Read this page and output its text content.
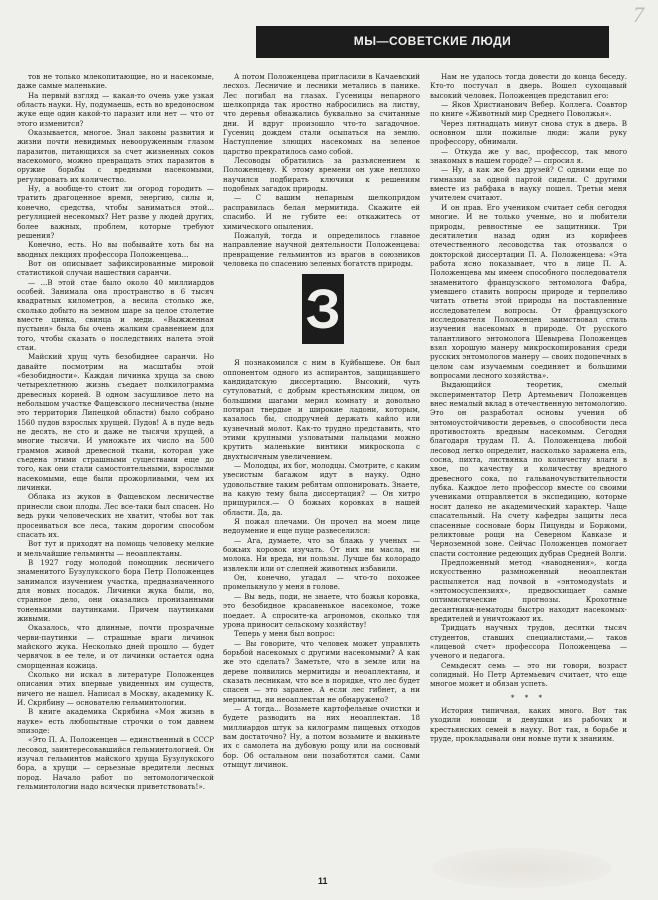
7
МЫ—СОВЕТСКИЕ ЛЮДИ

тов не только млекопитающие, но и насекомые, даже самые маленькие.

На первый взгляд — какая-то очень уже узкая область науки. Ну, подумаешь, есть во вредоносном жуке еще один какой-то паразит или нет — что от этого изменится?

Оказывается, многое. Знал законы развития и жизни почти невидимых невооруженным глазом паразитов, питающихся за счет жизненных соков насекомого, можно превращать этих паразитов в оружие борьбы с вредными насекомыми, регулировать их количество.

Ну, а вообще-то стоит ли огород городить — тратить драгоценное время, энергию, силы и, конечно, средства, чтобы заниматься этой... регуляцией несекомых? Нет разве у людей других, более важных, проблем, которые требуют решения?

Конечно, есть. Но вы побывайте хоть бы на вводных лекциях профессора Положенцева...

Вот он описывает зафиксированные мировой статистикой случаи нашествия саранчи.

— ...В этой стае было около 40 миллиардов особей. Занимала она пространство в 6 тысяч квадратных километров, а весила столько же, сколько добыто на земном шаре за целое столетие вместе цинка, свинца и меди. «Выжженная пустыня» была бы очень жалким сравнением для того, чтобы сказать о последствиях налета этой стаи.

Майский хрущ чуть безобиднее саранчи. Но давайте посмотрим на масштабы этой «безобидности». Каждая личинка хруща за свою четырехлетнюю жизнь съедает полкилограмма древесных корней. В одном засушливое лето на небольшом участке Фащевского лесничества (ныне это территория Липецкой области) было собрано 1560 пудов взрослых хрущей. Пудов! А в пуде ведь не десять, не сто и даже не тысячи хрущей, а многие тысячи. И умножьте их число на 500 граммов живой древесной ткани, которая уже съедена этими страшными существами еще до того, как они стали самостоятельными, взрослыми насекомыми, еще были прожорливыми, чем их личинки.

Облака из жуков в Фащевском лесничестве принесли свои плоды. Лес все-таки был спасен. Но ведь руки человеческих не хватит, чтобы вот так просеиваться все леса, таким дорогим способом спасать их.

Вот тут и приходят на помощь человеку мелкие и мельчайшие гельминты — неоаплектаны.

В 1927 году молодой помощник лесничего знаменитого Бузулукского бора Петр Положенцев занимался изучением участка, предназначенного для новых посадок. Личинки жука были, но, странное дело, они оказались пронизанными тоненькими паутинками. Причем паутинками живыми.

Оказалось, что длинные, почти прозрачные черви-паутинки — страшные враги личинок майского жука. Несколько дней прошло — будет червячок в ее теле, и от личинки остается одна сморщенная кожица.

Сколько ни искал в литературе Положенцев описания этих впервые увиденных им существ, ничего не нашел. Написал в Москву, академику К. И. Скрябину — основателю гельминтологии.

В книге академика Скрябина «Моя жизнь в науке» есть любопытные строчки о том давнем эпизоде:

«Это П. А. Положенцев — единственный в СССР лесовод, заинтересовавшийся гельминтологией. Он изучал гельминтов майского хруща Бузулукского бора, а хрущи — серьезные вредители лесных пород. Начало работ по энтомологической гельминтологии надо всячески приветствовать!».

А потом Положенцева пригласили в Качаевский лесхоз. Лесничие и лесники метались в панике. Лес погибал на глазах. Гусеницы непарного шелкопряда так яростно набросились на листву, что деревья обнажались буквально за считанные дни. И вдруг произошло что-то загадочное. Гусениц дождем стали осыпаться на землю. Наступление злющих насекомых на зеленое царство прекратилось само собой.

Лесоводы обратились за разъяснением к Положенцеву. К этому времени он уже неплохо научился подбирать ключики к решениям подобных загадок природы.

— С вашим непарным шелкопрядом расправилась белая мермитида. Скажите ей спасибо. И не губите ее: откажитесь от химического опыления.

Пожалуй, тогда и определилось главное направление научной деятельности Положенцева: превращение гельминтов из врагов в союзников человека по спасению зеленых богатств природы.

З

Я познакомился с ним в Куйбышеве. Он был оппонентом одного из аспирантов, защищавшего кандидатскую диссертацию. Высокий, чуть сутуловатый, с добрым крестьянским лицом, он большими шагами мерил комнату и довольно потирал твердые и широкие ладони, которым, казалось бы, сподручней держать кайло или кузнечный молот. Как-то трудно представить, что этими крупными узловатыми пальцами можно крутить маленькие винтики микроскопа с двухтысячным увеличением.

— Молодцы, их бог, молодцы. Смотрите, с каким увесистым багажом идут в науку. Одно удовольствие таким ребятам оппонировать. Знаете, на какую тему была диссертация? — Он хитро прищурился.— О божьих коровках в нашей области. Да, да.

Я пожал плечами. Он прочел на моем лице недоумение и еще пуще развеселился:

— Ага, думаете, что за блажь у ученых — божьих коровок изучать. От них ни масла, ни молока. Ни вреда, ни пользы. Лучше бы колорадо извлекли или от слепней животных избавили.

Он, конечно, угадал — что-то похожее промелькнуло у меня в голове.

— Вы ведь, поди, не знаете, что божья коровка, это безобидное красавенькое насекомое, тоже поедает. А спросите-ка агрономов, сколько тля урона приносит сельскому хозяйству!

Теперь у меня был вопрос:

— Вы говорите, что человек может управлять борьбой насекомых с другими насекомыми? А как же это сделать? Заметьте, что в земле или на дереве появились мермитиды и неоаплектаны, и сказать лесникам, что все в порядке, что лес будет спасен — это заранее. А если лес гибнет, а ни мермитид, ни неоаплектан не обнаружено?

— А тогда... Возьмете картофельные очистки и будете разводить на них неоаплектан. 18 миллиардов штук за килограмм пищевых отходов вам достаточно? Ну, а потом возьмите и выкиньте их с самолета на дубовую рощу или на сосновый бор. Об остальном они позаботятся сами. Сами отыщут личинок.

Нам не удалось тогда довести до конца беседу. Кто-то постучал в дверь. Вошел сухощавый высокий человек. Положенцев представил его:

— Яков Христианович Вебер. Коллега. Соавтор по книге «Животный мир Среднего Поволжья».

Через пятнадцать минут снова стук в дверь. В основном шли пожилые люди: жали руку профессору, обнимали.

— Откуда же у вас, профессор, так много знакомых в нашем городе? — спросил я.

— Ну, а как же без друзей? С одними еще по гимназии за одной партой сидели. С другими вместе из рабфака в науку пошел. Третьи меня учителем считают.

И он прав. Его учеником считает себя сегодня многие. И не только ученые, но и любители природы, ревностные ее защитники. Три десятилетия назад один из корифеев отечественного лесоводства так отозвался о докторской диссертации П. А. Положенцева: «Эта работа ясно показывает, что в лице П. А. Положенцева мы имеем способного последователя знаменитого французского энтомолога Фабра, умевшего ставить вопросы природе и терпеливо читать ответы этой природы на поставленные исследователем вопросы. От французского исследователя Положенцев заимствовал стиль изучения насекомых в природе. От русского талантливого энтомолога Шевырева Положенцев взял хорошую манеру микроскопирования среди русских энтомологов манеру — своих подопечных в целом сам изучаемым соединяет и большими вопросами лесного хозяйства».

Выдающийся теоретик, смелый экспериментатор Петр Артемьевич Положенцев внес немалый вклад в отечественную энтомологию. Это он разработал основы учения об энтомоустойчивости деревьев, о способности леса противостоять вредным насекомым. Сегодня благодаря трудам П. А. Положенцева любой лесовод легко определит, насколько заражена ель, сосна, пихта, листвянка по количеству влаги в хвое, по качеству и количеству вредного древесного сока, по гальваночувствительности лубка. Каждое лето профессор вместе со своими учениками отправляется в экспедицию, которые носят далеко не академический характер. Чаще спасательный. На счету кафедры защиты леса спасенные сосновые боры Пицунды и Боржоми, реликтовые рощи на Северном Кавказе и Черноземной зоне. Сейчас Положенцев помогает спасти состояние редеющих дубрав Средней Волги.

Предложенный метод «наводнения», когда искусственно размноженный неоаплектан распыляется над почвой в «энтомодуstats и «энтомосуспензиях», предвосхищает самые оптимистические прогнозы. Крохотные десантники-нематоды быстро находят насекомых-вредителей и уничтожают их.

Тридцать научных трудов, десятки тысяч студентов, ставших специалистами,— таков «лицевой счет» профессора Положенцева — ученого и педагога.

Семьдесят семь — это ни говори, возраст солидный. Но Петр Артемьевич считает, что еще многое может и обязан успеть.

* * *

История типичная, каких много. Вот так уходили юноши и девушки из рабочих и крестьянских семей в науку. Вот так, в борьбе и труде, прокладывали они новые пути к знаниям.

11
